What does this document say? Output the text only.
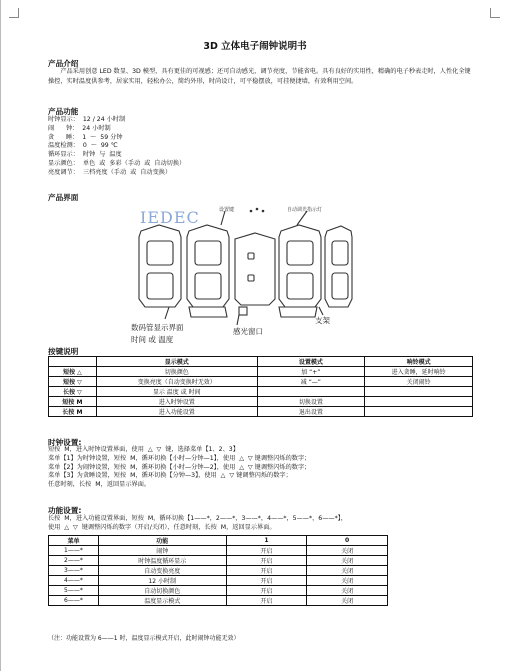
3D 立体电子闹钟说明书
产品介绍
　　产品采用创意 LED 数显、3D 模型，具有更佳的可视感；还可自动感光，调节亮度，节能省电。具有良好的实用性，精确的电子秒表走时，人性化全键操控，实时温度供参考，居家实用，轻松办公，简约外形，时尚设计，可平稳摆放，可挂便捷墙，有效利用空间。
产品功能
时钟显示：  12 / 24 小时制
闹      钟：  24 小时制
贪      睡：  1  ～  59 分钟
温度检测：  0  ～  99 ℃
循环显示：  时钟  与  温度
显示颜色：  单色  或  多彩（手动  或  自动切换）
亮度调节：  三档亮度（手动  或  自动变换）
产品界面
IEDEC	设置键	自动调光指示灯
数码管显示界面
时间 或 温度
感光窗口
支架
按键说明
	显示模式	设置模式	响铃模式
短按 △	切换颜色	加 “+”	进入贪睡，延时响铃
短按 ▽	变换亮度（自动变换时无效）	减 “—”	关闭闹铃
长按 ▽	显示 温度 或 时间		
短按 M	进入时钟设置	切换设置	
长按 M	进入功能设置	退出设置	
时钟设置:
短按  M，进入时钟设置界面，使用  △  ▽  键，选择菜单【1、2、3】
菜单【1】为时钟设置，短按  M，循环切换【小时—分钟—1】，使用  △  ▽ 键调整闪烁的数字；
菜单【2】为闹钟设置，短按  M，循环切换【小时—分钟—2】，使用  △  ▽ 键调整闪烁的数字；
菜单【3】为贪睡设置，短按  M，循环切换【分钟—3】，使用  △  ▽ 键调整闪烁的数字；
任意时刻，长按  M，返回显示界面。
功能设置:
长按  M，进入功能设置界面，短按  M，循环切换【1——*，2——*，3——*，4——*，5——*，6——*】，
使用  △  ▽  键调整闪烁的数字（开启/关闭），任意时刻，长按  M，返回显示界面。
菜单	功能	1	0
1——*	闹钟	开启	关闭
2——*	时钟温度循环显示	开启	关闭
3——*	自动变换亮度	开启	关闭
4——*	12 小时制	开启	关闭
5——*	自动切换颜色	开启	关闭
6——*	温度显示模式	开启	关闭
（注：功能设置为 6——1 时，温度显示模式开启，此时闹钟功能无效）
